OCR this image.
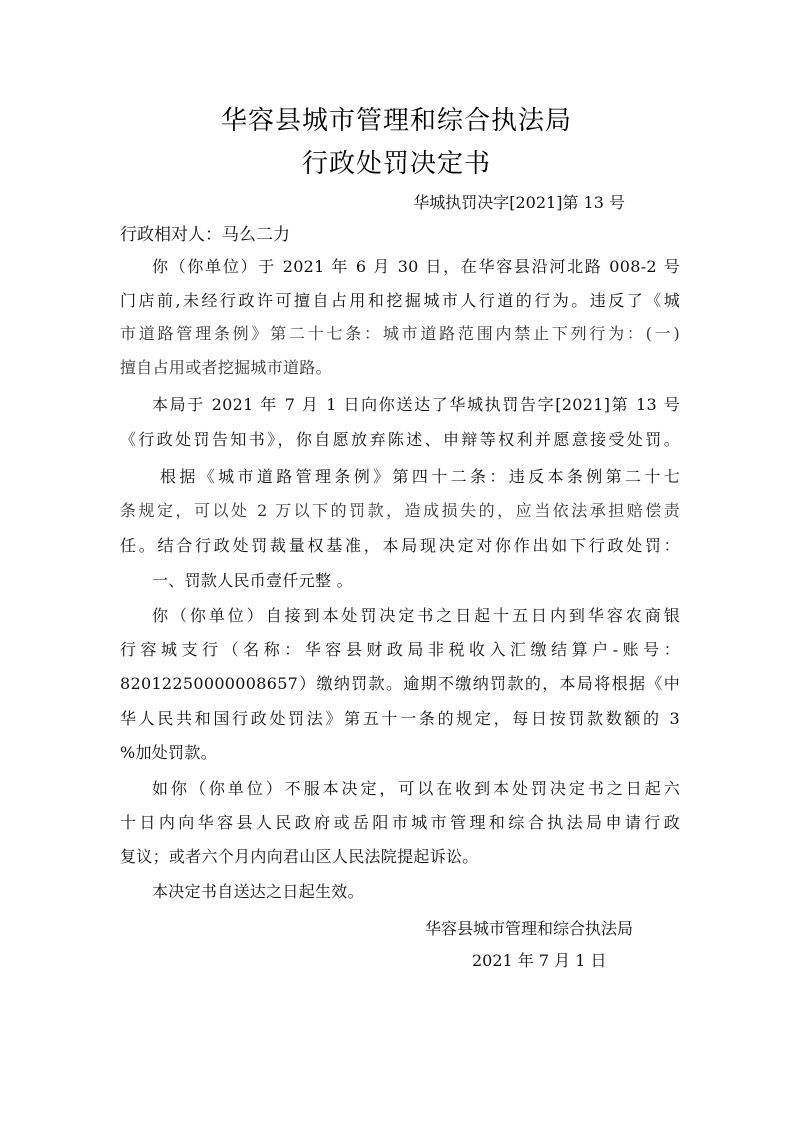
华容县城市管理和综合执法局
行政处罚决定书
华城执罚决字[2021]第 13 号
行政相对人：马么二力
你（你单位）于 2021 年 6 月 30 日，在华容县沿河北路 008-2 号
门店前,未经行政许可擅自占用和挖掘城市人行道的行为。违反了《城
市道路管理条例》第二十七条：城市道路范围内禁止下列行为：(一)
擅自占用或者挖掘城市道路。
本局于 2021 年 7 月 1 日向你送达了华城执罚告字[2021]第 13 号
《行政处罚告知书》，你自愿放弃陈述、申辩等权利并愿意接受处罚。
根据《城市道路管理条例》第四十二条：违反本条例第二十七
条规定，可以处 2 万以下的罚款，造成损失的，应当依法承担赔偿责
任。结合行政处罚裁量权基准，本局现决定对你作出如下行政处罚：
一、罚款人民币壹仟元整 。
你（你单位）自接到本处罚决定书之日起十五日内到华容农商银
行容城支行（名称：华容县财政局非税收入汇缴结算户-账号：
82012250000008657）缴纳罚款。逾期不缴纳罚款的，本局将根据《中
华人民共和国行政处罚法》第五十一条的规定，每日按罚款数额的 3
%加处罚款。
如你（你单位）不服本决定，可以在收到本处罚决定书之日起六
十日内向华容县人民政府或岳阳市城市管理和综合执法局申请行政
复议；或者六个月内向君山区人民法院提起诉讼。
本决定书自送达之日起生效。
华容县城市管理和综合执法局
2021 年 7 月 1 日
